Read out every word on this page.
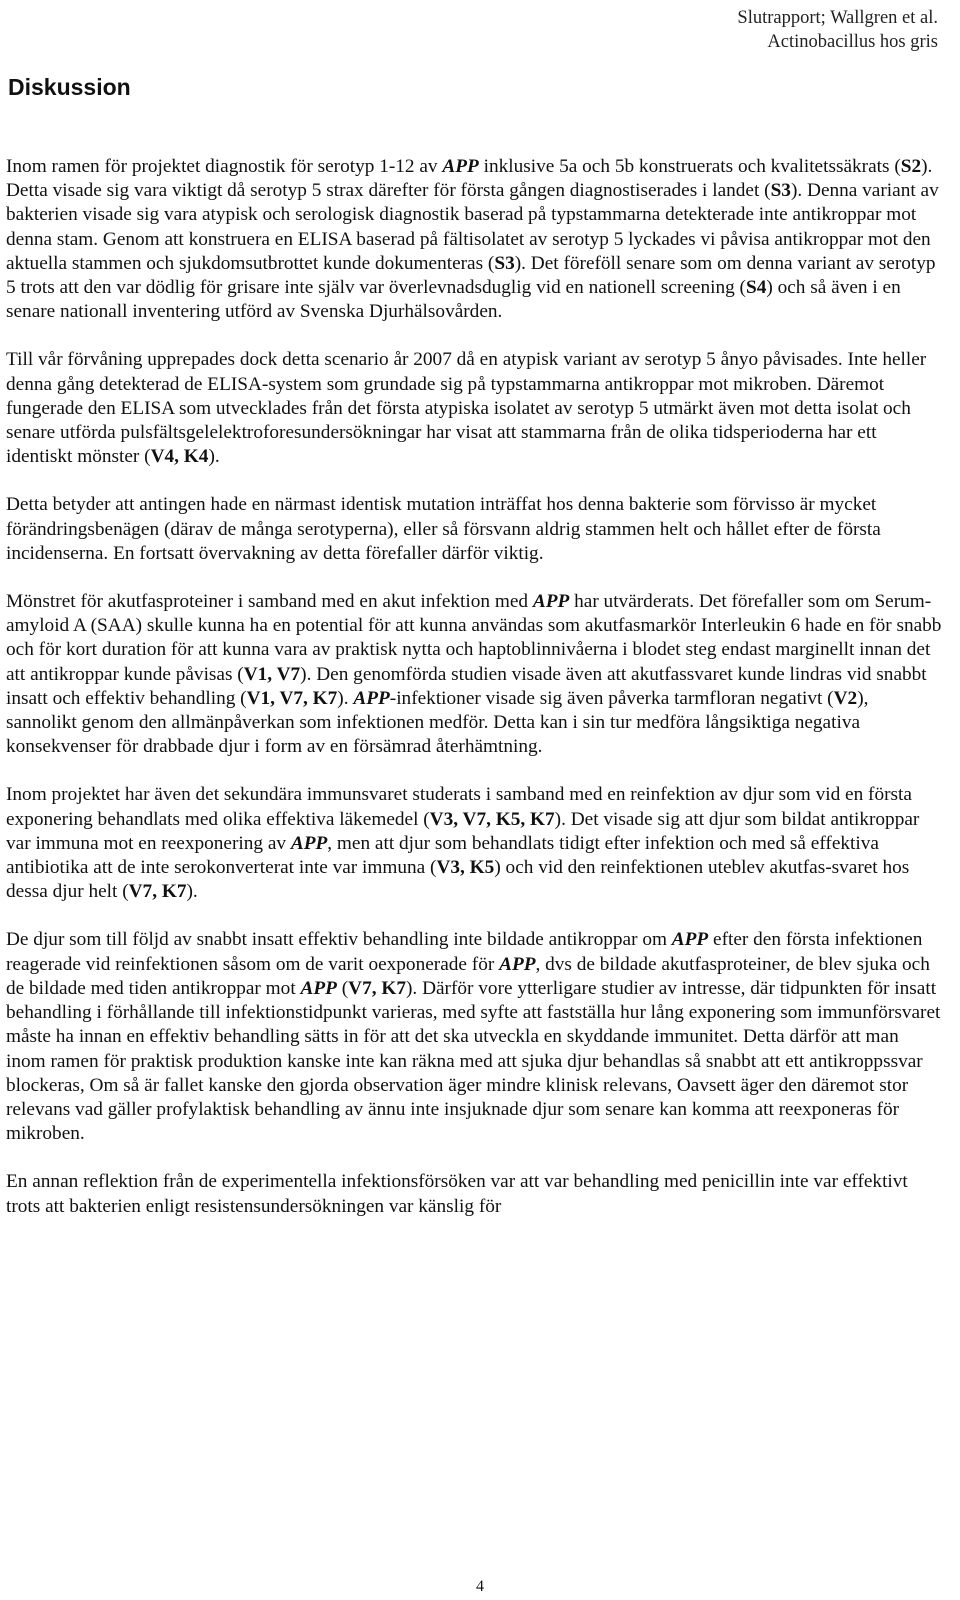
Slutrapport; Wallgren et al.
Actinobacillus hos gris
Diskussion

Inom ramen för projektet diagnostik för serotyp 1-12 av APP inklusive 5a och 5b konstruerats och kvalitetssäkrats (S2). Detta visade sig vara viktigt då serotyp 5 strax därefter för första gången diagnostiserades i landet (S3). Denna variant av bakterien visade sig vara atypisk och serologisk diagnostik baserad på typstammarna detekterade inte antikroppar mot denna stam. Genom att konstruera en ELISA baserad på fältisolatet av serotyp 5 lyckades vi påvisa antikroppar mot den aktuella stammen och sjukdomsutbrottet kunde dokumenteras (S3). Det föreföll senare som om denna variant av serotyp 5 trots att den var dödlig för grisare inte själv var överlevnadsduglig vid en nationell screening (S4) och så även i en senare nationall inventering utförd av Svenska Djurhälsovården.

Till vår förvåning upprepades dock detta scenario år 2007 då en atypisk variant av serotyp 5 ånyo påvisades. Inte heller denna gång detekterad de ELISA-system som grundade sig på typstammarna antikroppar mot mikroben. Däremot fungerade den ELISA som utvecklades från det första atypiska isolatet av serotyp 5 utmärkt även mot detta isolat och senare utförda pulsfältsgelelektroforesundersökningar har visat att stammarna från de olika tidsperioderna har ett identiskt mönster (V4, K4).

Detta betyder att antingen hade en närmast identisk mutation inträffat hos denna bakterie som förvisso är mycket förändringsbenägen (därav de många serotyperna), eller så försvann aldrig stammen helt och hållet efter de första incidenserna. En fortsatt övervakning av detta förefaller därför viktig.

Mönstret för akutfasproteiner i samband med en akut infektion med APP har utvärderats. Det förefaller som om Serum-amyloid A (SAA) skulle kunna ha en potential för att kunna användas som akutfasmarkör Interleukin 6 hade en för snabb och för kort duration för att kunna vara av praktisk nytta och haptoblinnivåerna i blodet steg endast marginellt innan det att antikroppar kunde påvisas (V1, V7). Den genomförda studien visade även att akutfassvaret kunde lindras vid snabbt insatt och effektiv behandling (V1, V7, K7). APP-infektioner visade sig även påverka tarmfloran negativt (V2), sannolikt genom den allmänpåverkan som infektionen medför. Detta kan i sin tur medföra långsiktiga negativa konsekvenser för drabbade djur i form av en försämrad återhämtning.

Inom projektet har även det sekundära immunsvaret studerats i samband med en reinfektion av djur som vid en första exponering behandlats med olika effektiva läkemedel (V3, V7, K5, K7). Det visade sig att djur som bildat antikroppar var immuna mot en reexponering av APP, men att djur som behandlats tidigt efter infektion och med så effektiva antibiotika att de inte serokonverterat inte var immuna (V3, K5) och vid den reinfektionen uteblev akutfas-svaret hos dessa djur helt (V7, K7).

De djur som till följd av snabbt insatt effektiv behandling inte bildade antikroppar om APP efter den första infektionen reagerade vid reinfektionen såsom om de varit oexponerade för APP, dvs de bildade akutfasproteiner, de blev sjuka och de bildade med tiden antikroppar mot APP (V7, K7). Därför vore ytterligare studier av intresse, där tidpunkten för insatt behandling i förhållande till infektionstidpunkt varieras, med syfte att fastställa hur lång exponering som immunförsvaret måste ha innan en effektiv behandling sätts in för att det ska utveckla en skyddande immunitet. Detta därför att man inom ramen för praktisk produktion kanske inte kan räkna med att sjuka djur behandlas så snabbt att ett antikroppssvar blockeras, Om så är fallet kanske den gjorda observation äger mindre klinisk relevans, Oavsett äger den däremot stor relevans vad gäller profylaktisk behandling av ännu inte insjuknade djur som senare kan komma att reexponeras för mikroben.

En annan reflektion från de experimentella infektionsförsöken var att var behandling med penicillin inte var effektivt trots att bakterien enligt resistensundersökningen var känslig för

4
